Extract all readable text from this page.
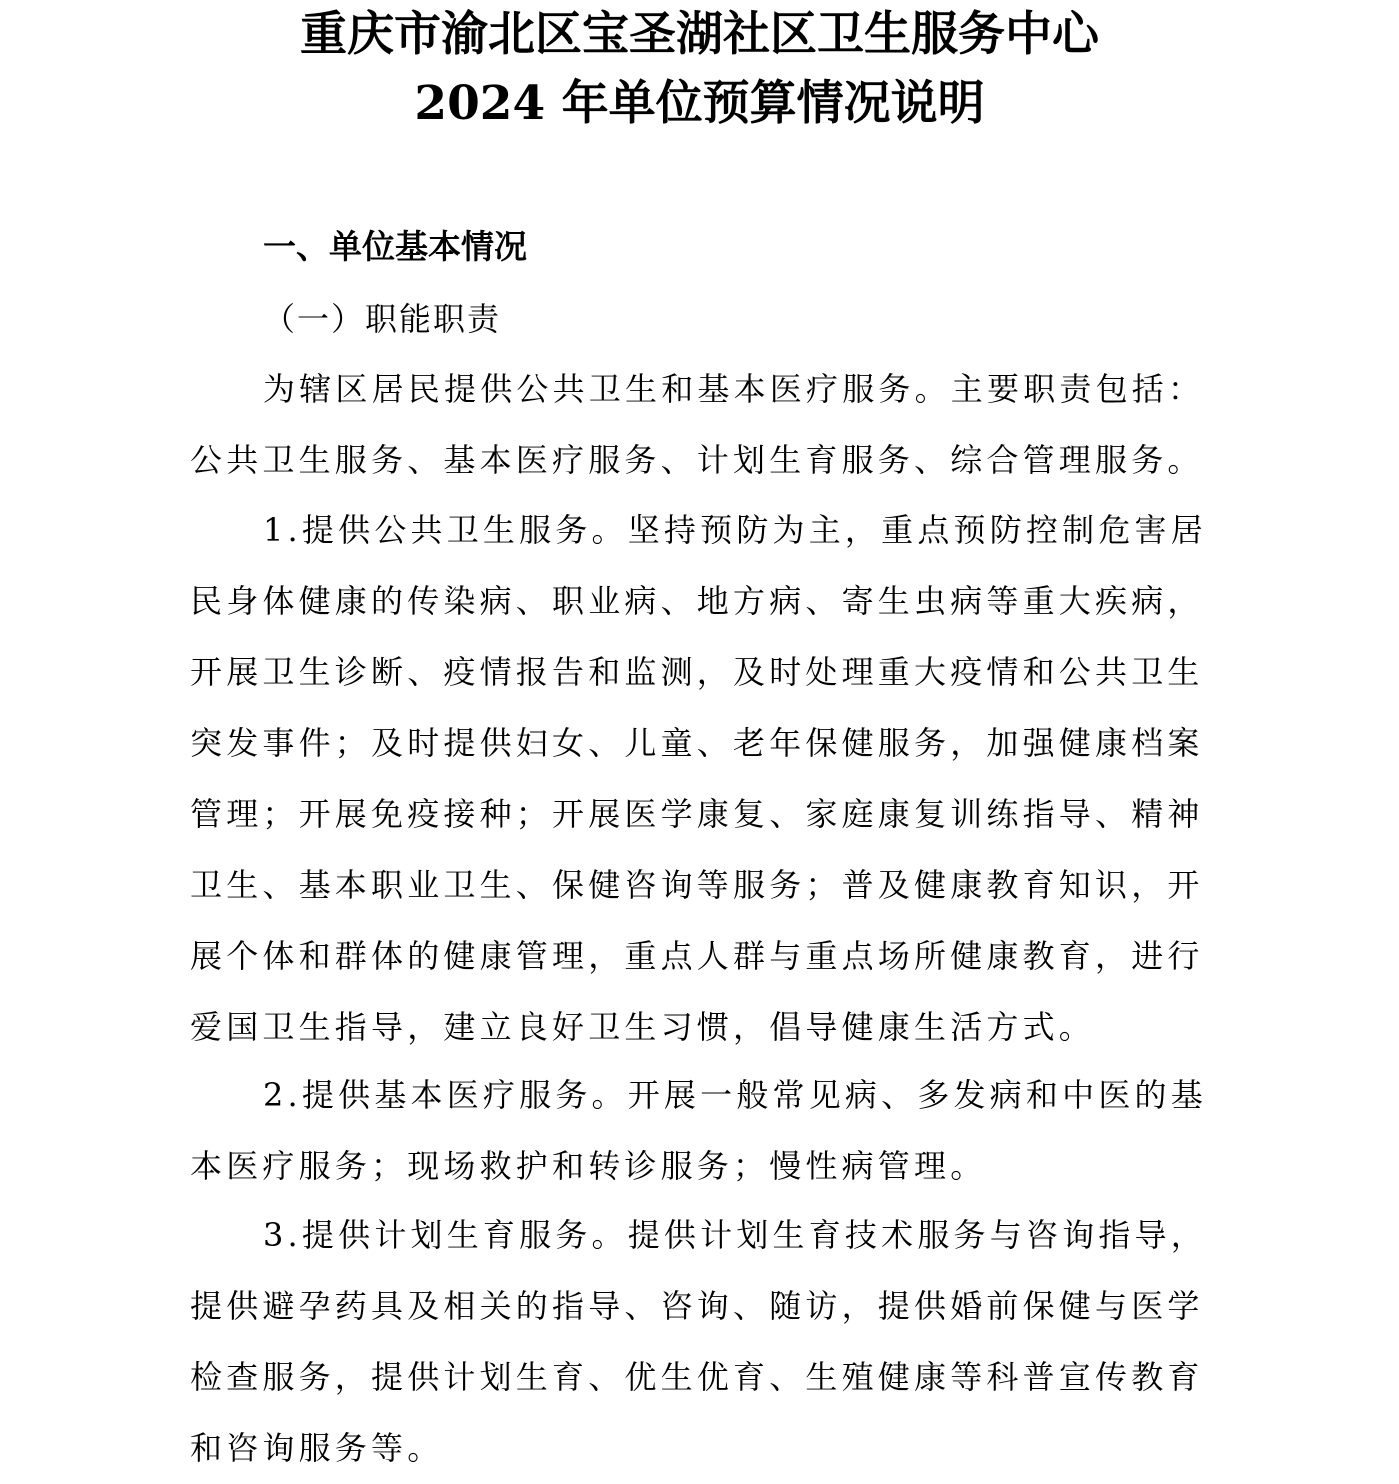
重庆市渝北区宝圣湖社区卫生服务中心
2024 年单位预算情况说明
一、单位基本情况
（一）职能职责
为辖区居民提供公共卫生和基本医疗服务。主要职责包括：
公共卫生服务、基本医疗服务、计划生育服务、综合管理服务。
1.提供公共卫生服务。坚持预防为主，重点预防控制危害居
民身体健康的传染病、职业病、地方病、寄生虫病等重大疾病，
开展卫生诊断、疫情报告和监测，及时处理重大疫情和公共卫生
突发事件；及时提供妇女、儿童、老年保健服务，加强健康档案
管理；开展免疫接种；开展医学康复、家庭康复训练指导、精神
卫生、基本职业卫生、保健咨询等服务；普及健康教育知识，开
展个体和群体的健康管理，重点人群与重点场所健康教育，进行
爱国卫生指导，建立良好卫生习惯，倡导健康生活方式。
2.提供基本医疗服务。开展一般常见病、多发病和中医的基
本医疗服务；现场救护和转诊服务；慢性病管理。
3.提供计划生育服务。提供计划生育技术服务与咨询指导，
提供避孕药具及相关的指导、咨询、随访，提供婚前保健与医学
检查服务，提供计划生育、优生优育、生殖健康等科普宣传教育
和咨询服务等。
